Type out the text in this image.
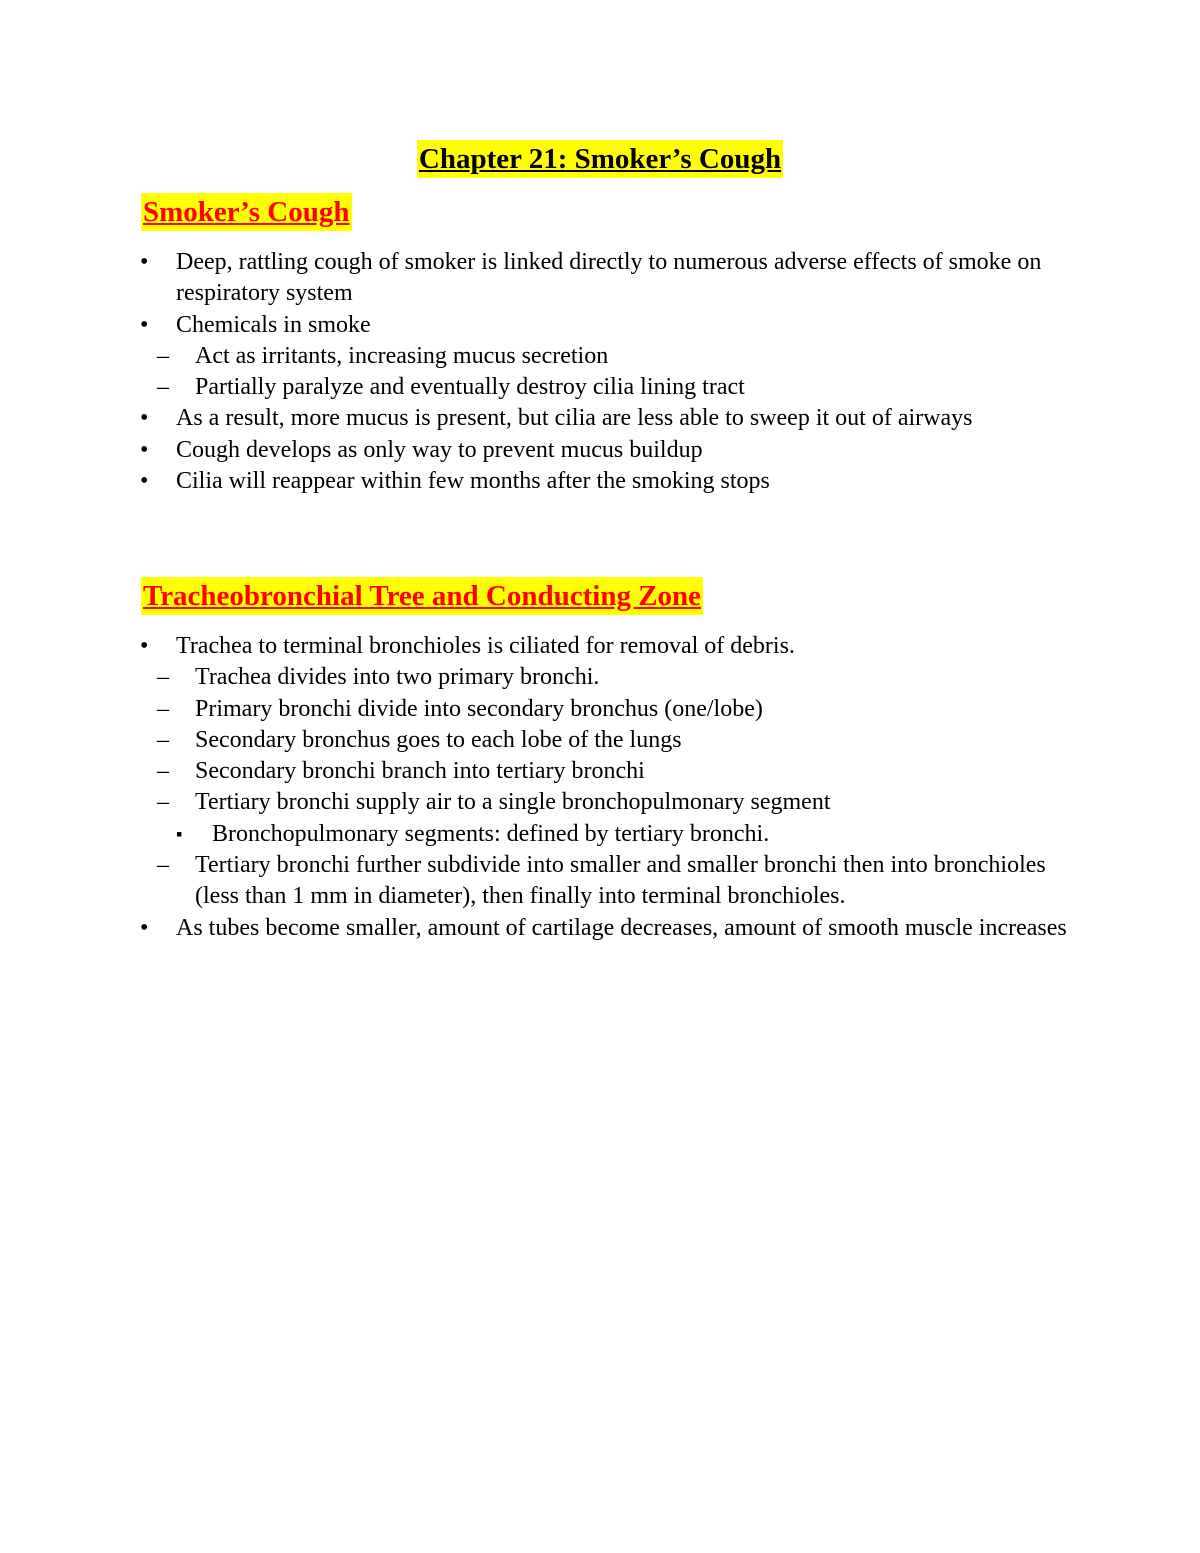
Chapter 21: Smoker’s Cough
Smoker’s Cough
• Deep, rattling cough of smoker is linked directly to numerous adverse effects of smoke on respiratory system
• Chemicals in smoke
– Act as irritants, increasing mucus secretion
– Partially paralyze and eventually destroy cilia lining tract
• As a result, more mucus is present, but cilia are less able to sweep it out of airways
• Cough develops as only way to prevent mucus buildup
• Cilia will reappear within few months after the smoking stops
Tracheobronchial Tree and Conducting Zone
• Trachea to terminal bronchioles is ciliated for removal of debris.
– Trachea divides into two primary bronchi.
– Primary bronchi divide into secondary bronchus (one/lobe)
– Secondary bronchus goes to each lobe of the lungs
– Secondary bronchi branch into tertiary bronchi
– Tertiary bronchi supply air to a single bronchopulmonary segment
▪ Bronchopulmonary segments: defined by tertiary bronchi.
– Tertiary bronchi further subdivide into smaller and smaller bronchi then into bronchioles (less than 1 mm in diameter), then finally into terminal bronchioles.
• As tubes become smaller, amount of cartilage decreases, amount of smooth muscle increases
